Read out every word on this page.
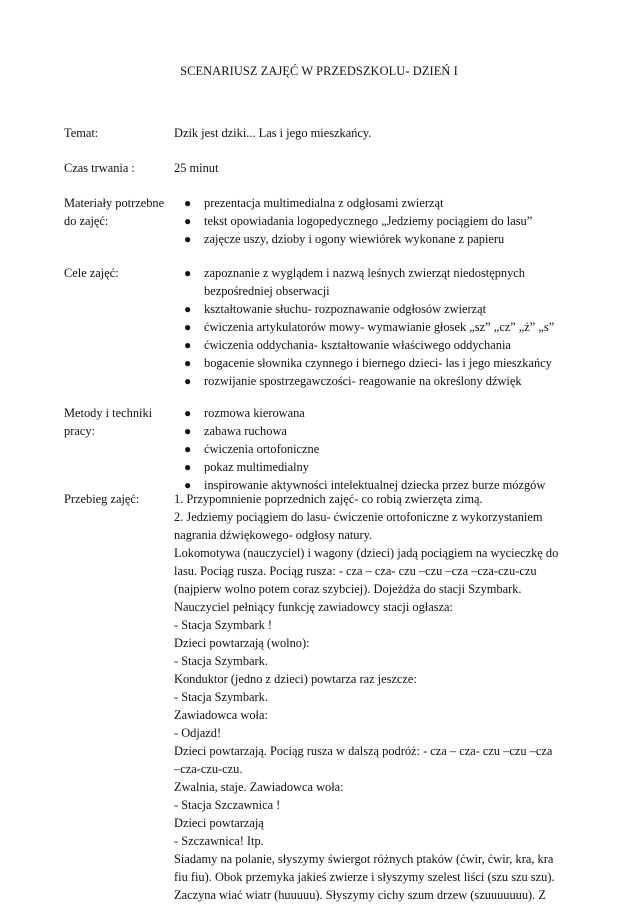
SCENARIUSZ ZAJĘĆ W PRZEDSZKOLU- DZIEŃ I
Temat:	Dzik jest dziki... Las i jego mieszkańcy.
Czas trwania :	25 minut
Materiały potrzebne
do zajęć:
● prezentacja multimedialna z odgłosami zwierząt
● tekst opowiadania logopedycznego „Jedziemy pociągiem do lasu”
● zajęcze uszy, dzioby i ogony wiewiórek wykonane z papieru
Cele zajęć:	● zapoznanie z wyglądem i nazwą leśnych zwierząt niedostępnych bezpośredniej obserwacji
● kształtowanie słuchu- rozpoznawanie odgłosów zwierząt
● ćwiczenia artykulatorów mowy- wymawianie głosek „sz” „cz” „ż” „s”
● ćwiczenia oddychania- kształtowanie właściwego oddychania
● bogacenie słownika czynnego i biernego dzieci- las i jego mieszkańcy
● rozwijanie spostrzegawczości- reagowanie na określony dźwięk
Metody i techniki
pracy:
● rozmowa kierowana
● zabawa ruchowa
● ćwiczenia ortofoniczne
● pokaz multimedialny
● inspirowanie aktywności intelektualnej dziecka przez burze mózgów
Przebieg zajęć:	1. Przypomnienie poprzednich zajęć- co robią zwierzęta zimą.

2. Jedziemy pociągiem do lasu- ćwiczenie ortofoniczne z wykorzystaniem

nagrania dźwiękowego- odgłosy natury.

Lokomotywa (nauczyciel) i wagony (dzieci) jadą pociągiem na wycieczkę do

lasu. Pociąg rusza. Pociąg rusza: - cza – cza- czu –czu –cza –cza-czu-czu

(najpierw wolno potem coraz szybciej). Dojeżdża do stacji Szymbark.

Nauczyciel pełniący funkcję zawiadowcy stacji ogłasza:

- Stacja Szymbark !

Dzieci powtarzają (wolno):

- Stacja Szymbark.

Konduktor (jedno z dzieci) powtarza raz jeszcze:

- Stacja Szymbark.

Zawiadowca woła:

- Odjazd!

Dzieci powtarzają. Pociąg rusza w dalszą podróż: - cza – cza- czu –czu –cza

–cza-czu-czu.

Zwalnia, staje. Zawiadowca woła:

- Stacja Szczawnica !

Dzieci powtarzają

- Szczawnica! Itp.

Siadamy na polanie, słyszymy świergot różnych ptaków (ćwir, ćwir, kra, kra

fiu fiu). Obok przemyka jakieś zwierze i słyszymy szelest liści (szu szu szu).

Zaczyna wiać wiatr (huuuuu). Słyszymy cichy szum drzew (szuuuuuuu). Z
